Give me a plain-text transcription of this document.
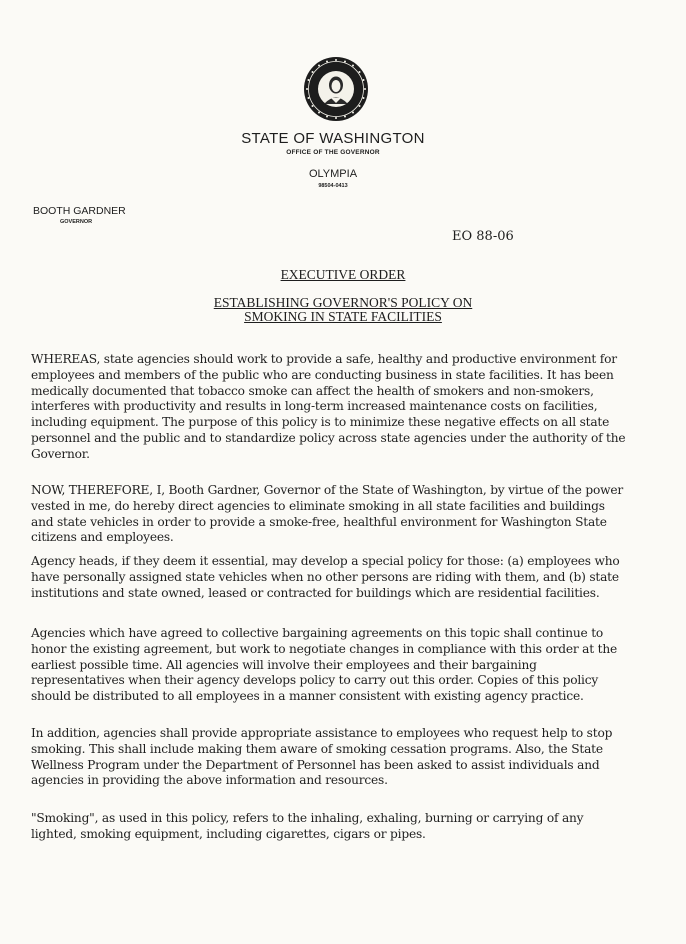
STATE OF WASHINGTON
OFFICE OF THE GOVERNOR
OLYMPIA
98504-0413
BOOTH GARDNER
GOVERNOR
EO 88-06
EXECUTIVE ORDER
ESTABLISHING GOVERNOR'S POLICY ON
SMOKING IN STATE FACILITIES
WHEREAS, state agencies should work to provide a safe, healthy and productive environment for employees and members of the public who are conducting business in state facilities. It has been medically documented that tobacco smoke can affect the health of smokers and non-smokers, interferes with productivity and results in long-term increased maintenance costs on facilities, including equipment. The purpose of this policy is to minimize these negative effects on all state personnel and the public and to standardize policy across state agencies under the authority of the Governor.
NOW, THEREFORE, I, Booth Gardner, Governor of the State of Washington, by virtue of the power vested in me, do hereby direct agencies to eliminate smoking in all state facilities and buildings and state vehicles in order to provide a smoke-free, healthful environment for Washington State citizens and employees.
Agency heads, if they deem it essential, may develop a special policy for those: (a) employees who have personally assigned state vehicles when no other persons are riding with them, and (b) state institutions and state owned, leased or contracted for buildings which are residential facilities.
Agencies which have agreed to collective bargaining agreements on this topic shall continue to honor the existing agreement, but work to negotiate changes in compliance with this order at the earliest possible time. All agencies will involve their employees and their bargaining representatives when their agency develops policy to carry out this order. Copies of this policy should be distributed to all employees in a manner consistent with existing agency practice.
In addition, agencies shall provide appropriate assistance to employees who request help to stop smoking. This shall include making them aware of smoking cessation programs. Also, the State Wellness Program under the Department of Personnel has been asked to assist individuals and agencies in providing the above information and resources.
"Smoking", as used in this policy, refers to the inhaling, exhaling, burning or carrying of any lighted, smoking equipment, including cigarettes, cigars or pipes.
